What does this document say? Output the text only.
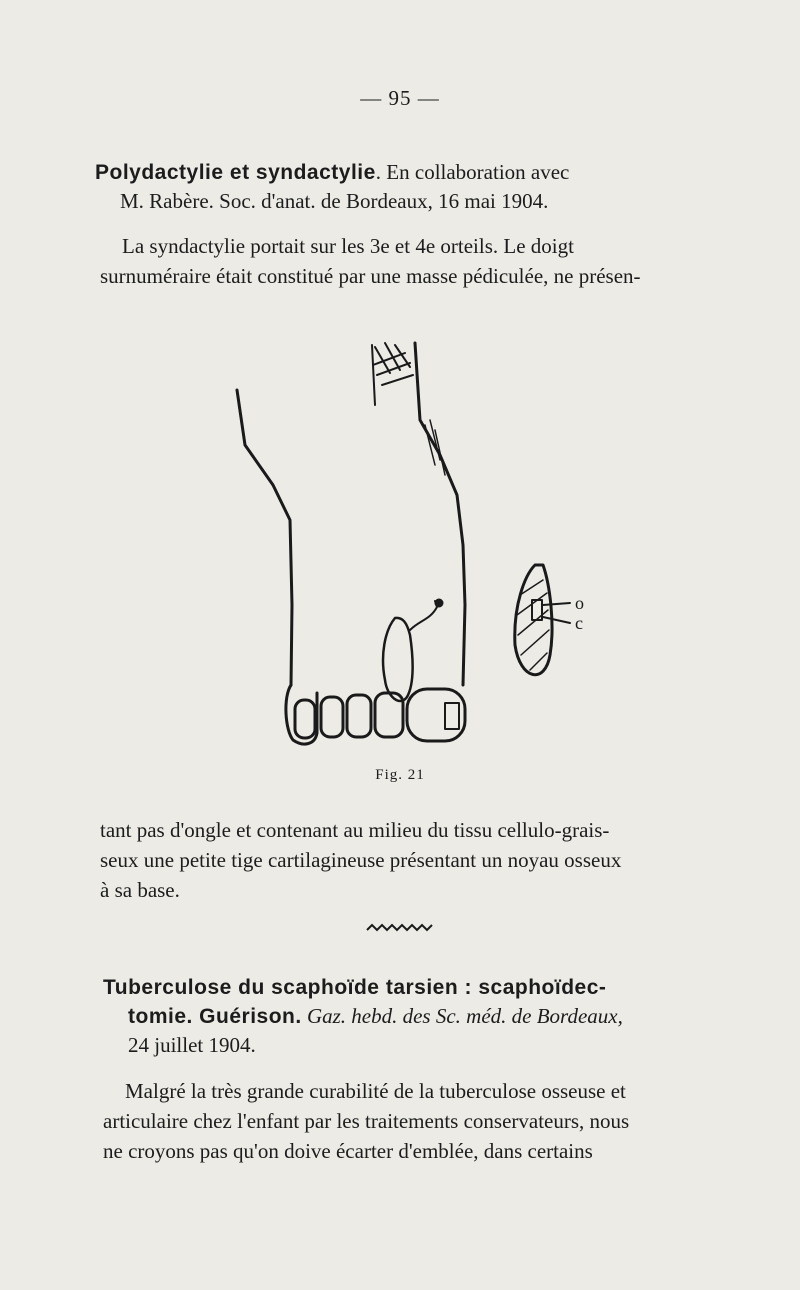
— 95 —
Polydactylie et syndactylie. En collaboration avec
M. Rabère. Soc. d'anat. de Bordeaux, 16 mai 1904.
La syndactylie portait sur les 3e et 4e orteils. Le doigt
surnuméraire était constitué par une masse pédiculée, ne présen-
o
c
Fig. 21
tant pas d'ongle et contenant au milieu du tissu cellulo-grais-
seux une petite tige cartilagineuse présentant un noyau osseux
à sa base.
Tuberculose du scaphoïde tarsien : scaphoïdec-
tomie. Guérison. Gaz. hebd. des Sc. méd. de Bordeaux,
24 juillet 1904.
Malgré la très grande curabilité de la tuberculose osseuse et
articulaire chez l'enfant par les traitements conservateurs, nous
ne croyons pas qu'on doive écarter d'emblée, dans certains
